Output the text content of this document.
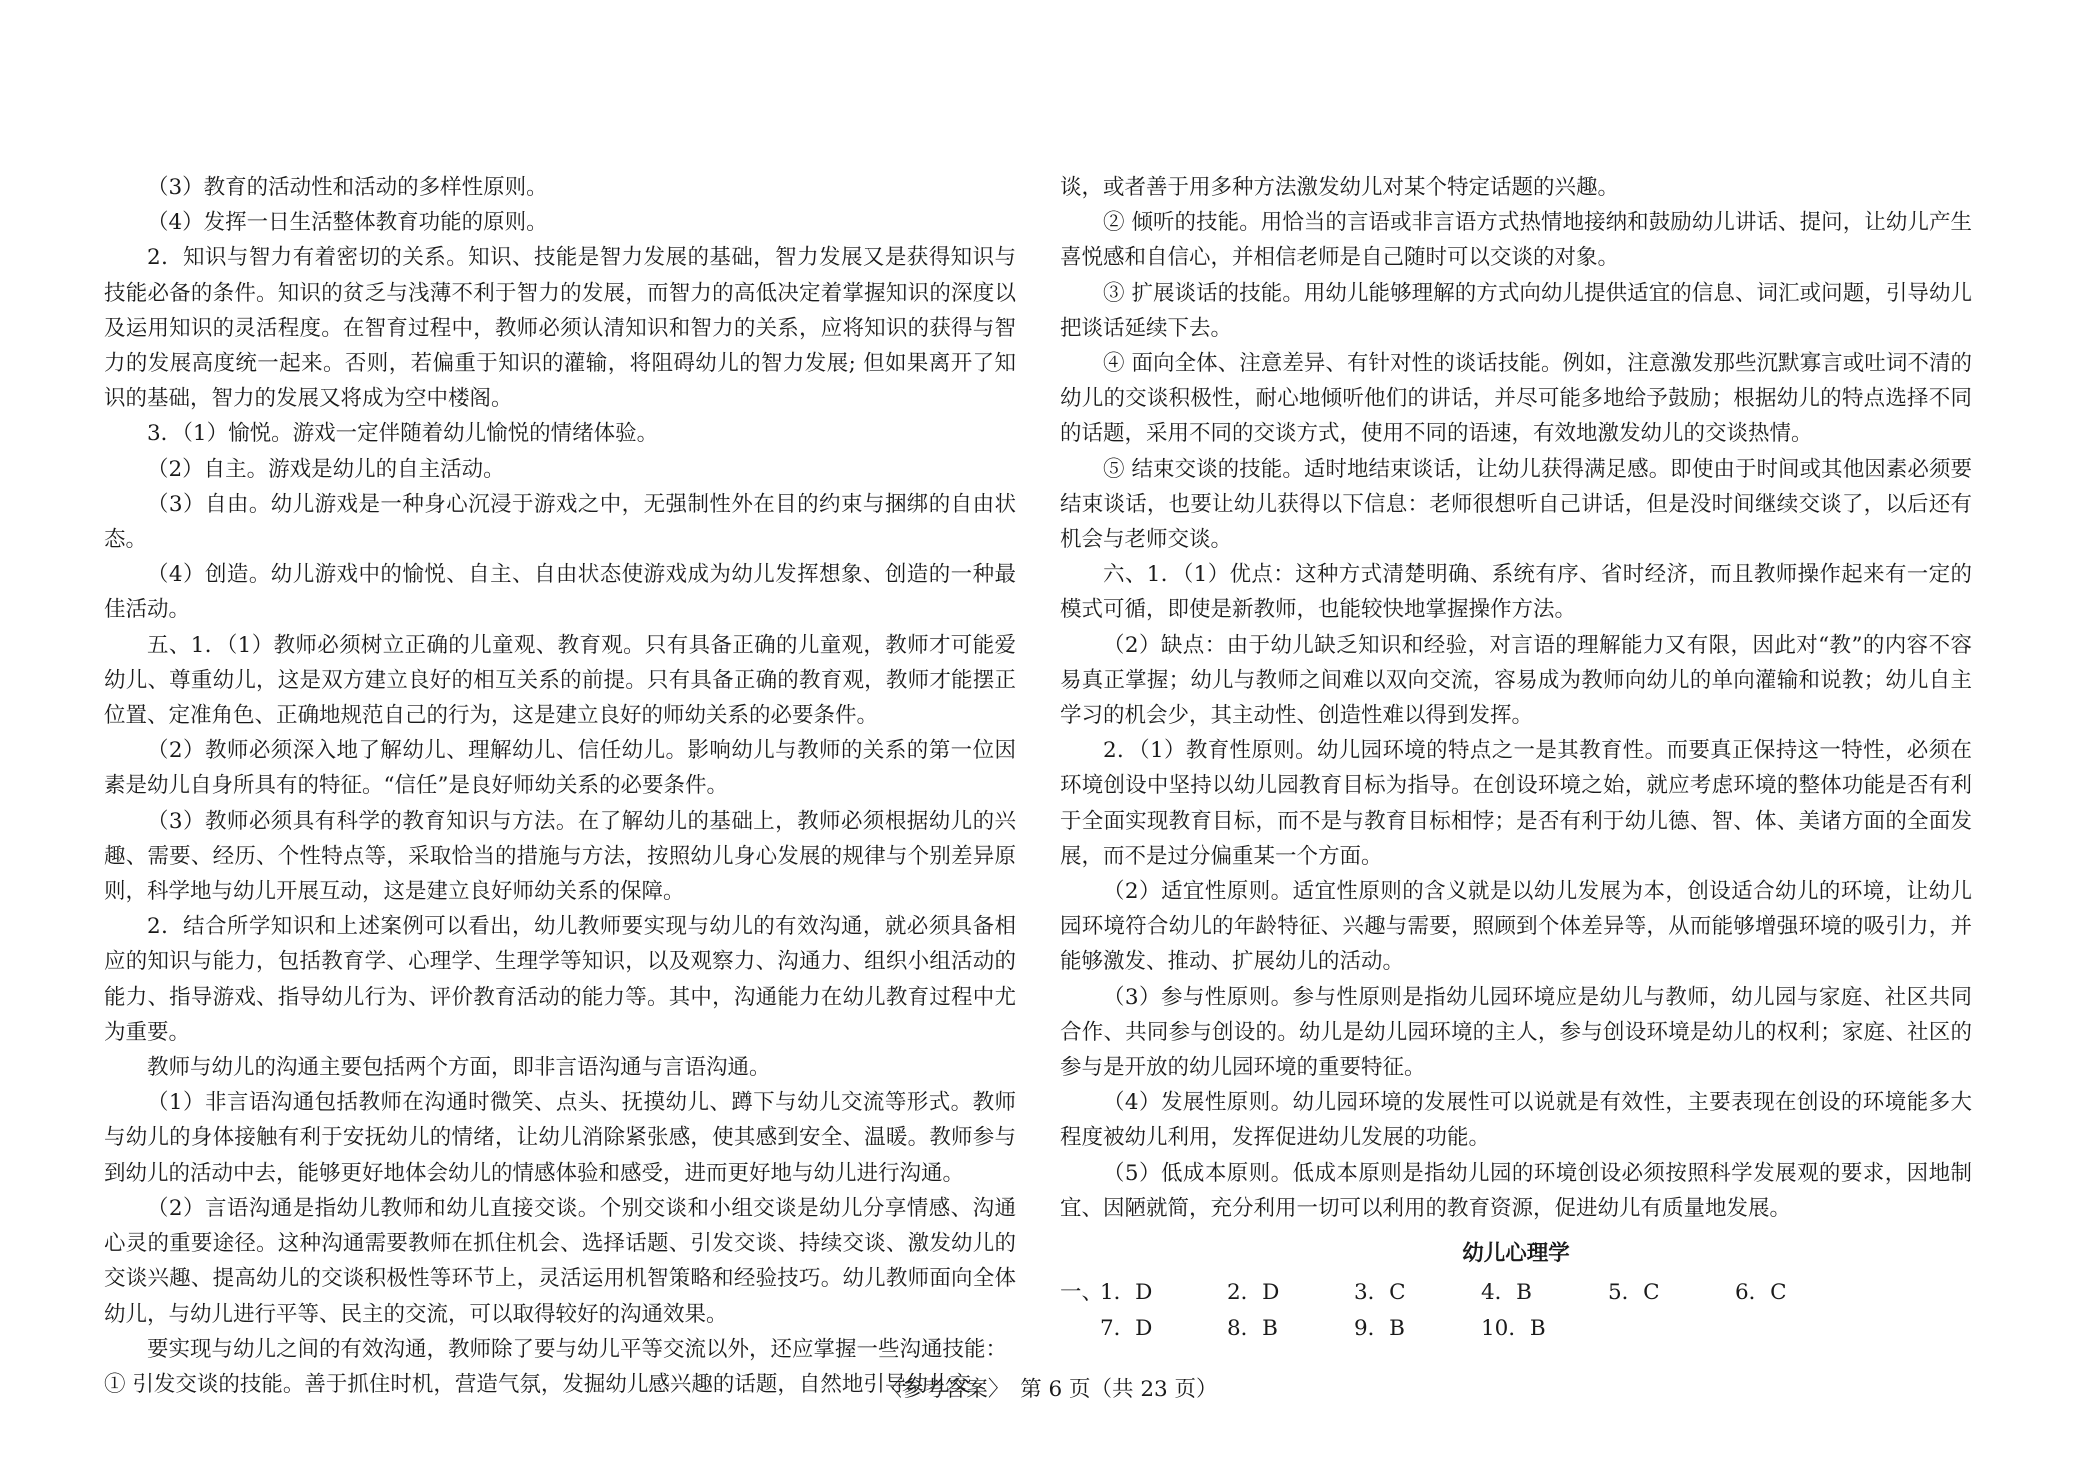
（3）教育的活动性和活动的多样性原则。

（4）发挥一日生活整体教育功能的原则。

2．知识与智力有着密切的关系。知识、技能是智力发展的基础，智力发展又是获得知识与技能必备的条件。知识的贫乏与浅薄不利于智力的发展，而智力的高低决定着掌握知识的深度以及运用知识的灵活程度。在智育过程中，教师必须认清知识和智力的关系，应将知识的获得与智力的发展高度统一起来。否则，若偏重于知识的灌输，将阻碍幼儿的智力发展; 但如果离开了知识的基础，智力的发展又将成为空中楼阁。

3．（1）愉悦。游戏一定伴随着幼儿愉悦的情绪体验。

（2）自主。游戏是幼儿的自主活动。

（3）自由。幼儿游戏是一种身心沉浸于游戏之中，无强制性外在目的约束与捆绑的自由状态。

（4）创造。幼儿游戏中的愉悦、自主、自由状态使游戏成为幼儿发挥想象、创造的一种最佳活动。

五、1．（1）教师必须树立正确的儿童观、教育观。只有具备正确的儿童观，教师才可能爱幼儿、尊重幼儿，这是双方建立良好的相互关系的前提。只有具备正确的教育观，教师才能摆正位置、定准角色、正确地规范自己的行为，这是建立良好的师幼关系的必要条件。

（2）教师必须深入地了解幼儿、理解幼儿、信任幼儿。影响幼儿与教师的关系的第一位因素是幼儿自身所具有的特征。“信任”是良好师幼关系的必要条件。

（3）教师必须具有科学的教育知识与方法。在了解幼儿的基础上，教师必须根据幼儿的兴趣、需要、经历、个性特点等，采取恰当的措施与方法，按照幼儿身心发展的规律与个别差异原则，科学地与幼儿开展互动，这是建立良好师幼关系的保障。

2．结合所学知识和上述案例可以看出，幼儿教师要实现与幼儿的有效沟通，就必须具备相应的知识与能力，包括教育学、心理学、生理学等知识，以及观察力、沟通力、组织小组活动的能力、指导游戏、指导幼儿行为、评价教育活动的能力等。其中，沟通能力在幼儿教育过程中尤为重要。

教师与幼儿的沟通主要包括两个方面，即非言语沟通与言语沟通。

（1）非言语沟通包括教师在沟通时微笑、点头、抚摸幼儿、蹲下与幼儿交流等形式。教师与幼儿的身体接触有利于安抚幼儿的情绪，让幼儿消除紧张感，使其感到安全、温暖。教师参与到幼儿的活动中去，能够更好地体会幼儿的情感体验和感受，进而更好地与幼儿进行沟通。

（2）言语沟通是指幼儿教师和幼儿直接交谈。个别交谈和小组交谈是幼儿分享情感、沟通心灵的重要途径。这种沟通需要教师在抓住机会、选择话题、引发交谈、持续交谈、激发幼儿的交谈兴趣、提高幼儿的交谈积极性等环节上，灵活运用机智策略和经验技巧。幼儿教师面向全体幼儿，与幼儿进行平等、民主的交流，可以取得较好的沟通效果。

要实现与幼儿之间的有效沟通，教师除了要与幼儿平等交流以外，还应掌握一些沟通技能：

① 引发交谈的技能。善于抓住时机，营造气氛，发掘幼儿感兴趣的话题，自然地引导幼儿交

谈，或者善于用多种方法激发幼儿对某个特定话题的兴趣。

② 倾听的技能。用恰当的言语或非言语方式热情地接纳和鼓励幼儿讲话、提问，让幼儿产生喜悦感和自信心，并相信老师是自己随时可以交谈的对象。

③ 扩展谈话的技能。用幼儿能够理解的方式向幼儿提供适宜的信息、词汇或问题，引导幼儿把谈话延续下去。

④ 面向全体、注意差异、有针对性的谈话技能。例如，注意激发那些沉默寡言或吐词不清的幼儿的交谈积极性，耐心地倾听他们的讲话，并尽可能多地给予鼓励；根据幼儿的特点选择不同的话题，采用不同的交谈方式，使用不同的语速，有效地激发幼儿的交谈热情。

⑤ 结束交谈的技能。适时地结束谈话，让幼儿获得满足感。即使由于时间或其他因素必须要结束谈话，也要让幼儿获得以下信息：老师很想听自己讲话，但是没时间继续交谈了，以后还有机会与老师交谈。

六、1．（1）优点：这种方式清楚明确、系统有序、省时经济，而且教师操作起来有一定的模式可循，即使是新教师，也能较快地掌握操作方法。

（2）缺点：由于幼儿缺乏知识和经验，对言语的理解能力又有限，因此对“教”的内容不容易真正掌握；幼儿与教师之间难以双向交流，容易成为教师向幼儿的单向灌输和说教；幼儿自主学习的机会少，其主动性、创造性难以得到发挥。

2．（1）教育性原则。幼儿园环境的特点之一是其教育性。而要真正保持这一特性，必须在环境创设中坚持以幼儿园教育目标为指导。在创设环境之始，就应考虑环境的整体功能是否有利于全面实现教育目标，而不是与教育目标相悖；是否有利于幼儿德、智、体、美诸方面的全面发展，而不是过分偏重某一个方面。

（2）适宜性原则。适宜性原则的含义就是以幼儿发展为本，创设适合幼儿的环境，让幼儿园环境符合幼儿的年龄特征、兴趣与需要，照顾到个体差异等，从而能够增强环境的吸引力，并能够激发、推动、扩展幼儿的活动。

（3）参与性原则。参与性原则是指幼儿园环境应是幼儿与教师，幼儿园与家庭、社区共同合作、共同参与创设的。幼儿是幼儿园环境的主人，参与创设环境是幼儿的权利；家庭、社区的参与是开放的幼儿园环境的重要特征。

（4）发展性原则。幼儿园环境的发展性可以说就是有效性，主要表现在创设的环境能多大程度被幼儿利用，发挥促进幼儿发展的功能。

（5）低成本原则。低成本原则是指幼儿园的环境创设必须按照科学发展观的要求，因地制宜、因陋就简，充分利用一切可以利用的教育资源，促进幼儿有质量地发展。

幼儿心理学
一、
1．D	2．D	3．C	4．B	5．C	6．C
7．D	8．B	9．B	10．B
〈参考答案〉　第 6 页（共 23 页）
